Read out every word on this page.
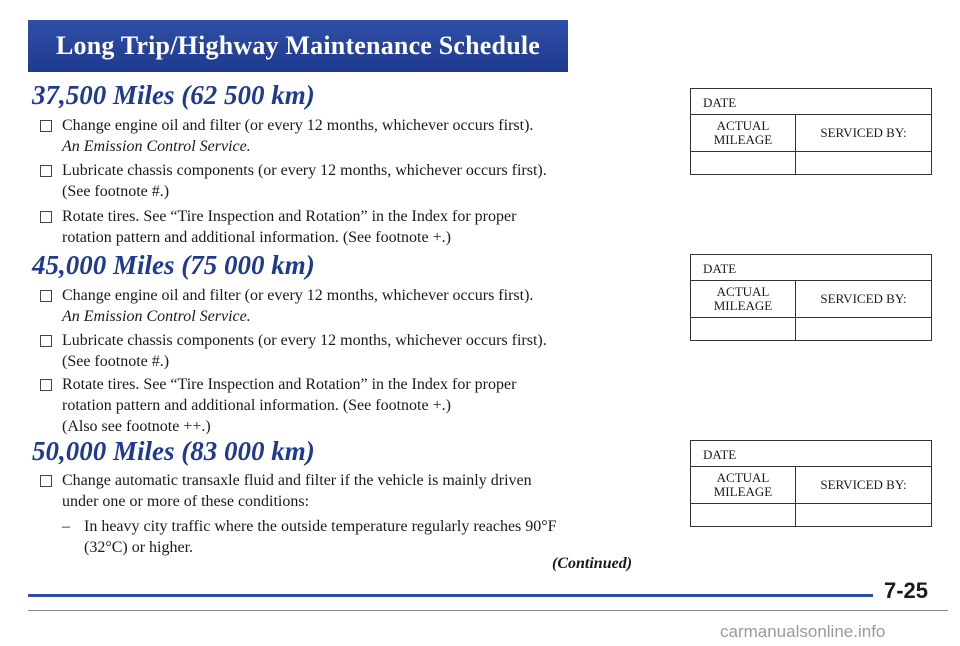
Long Trip/Highway Maintenance Schedule
37,500 Miles (62 500 km)
Change engine oil and filter (or every 12 months, whichever occurs first).
An Emission Control Service.
Lubricate chassis components (or every 12 months, whichever occurs first).
(See footnote #.)
Rotate tires. See “Tire Inspection and Rotation” in the Index for proper
rotation pattern and additional information. (See footnote +.)
45,000 Miles (75 000 km)
Change engine oil and filter (or every 12 months, whichever occurs first).
An Emission Control Service.
Lubricate chassis components (or every 12 months, whichever occurs first).
(See footnote #.)
Rotate tires. See “Tire Inspection and Rotation” in the Index for proper
rotation pattern and additional information. (See footnote +.)
(Also see footnote ++.)
50,000 Miles (83 000 km)
Change automatic transaxle fluid and filter if the vehicle is mainly driven
under one or more of these conditions:
– In heavy city traffic where the outside temperature regularly reaches 90°F
(32°C) or higher.
DATE
ACTUAL
MILEAGE	SERVICED BY:
DATE
ACTUAL
MILEAGE	SERVICED BY:
DATE
ACTUAL
MILEAGE	SERVICED BY:
(Continued)
7-25
carmanualsonline.info
